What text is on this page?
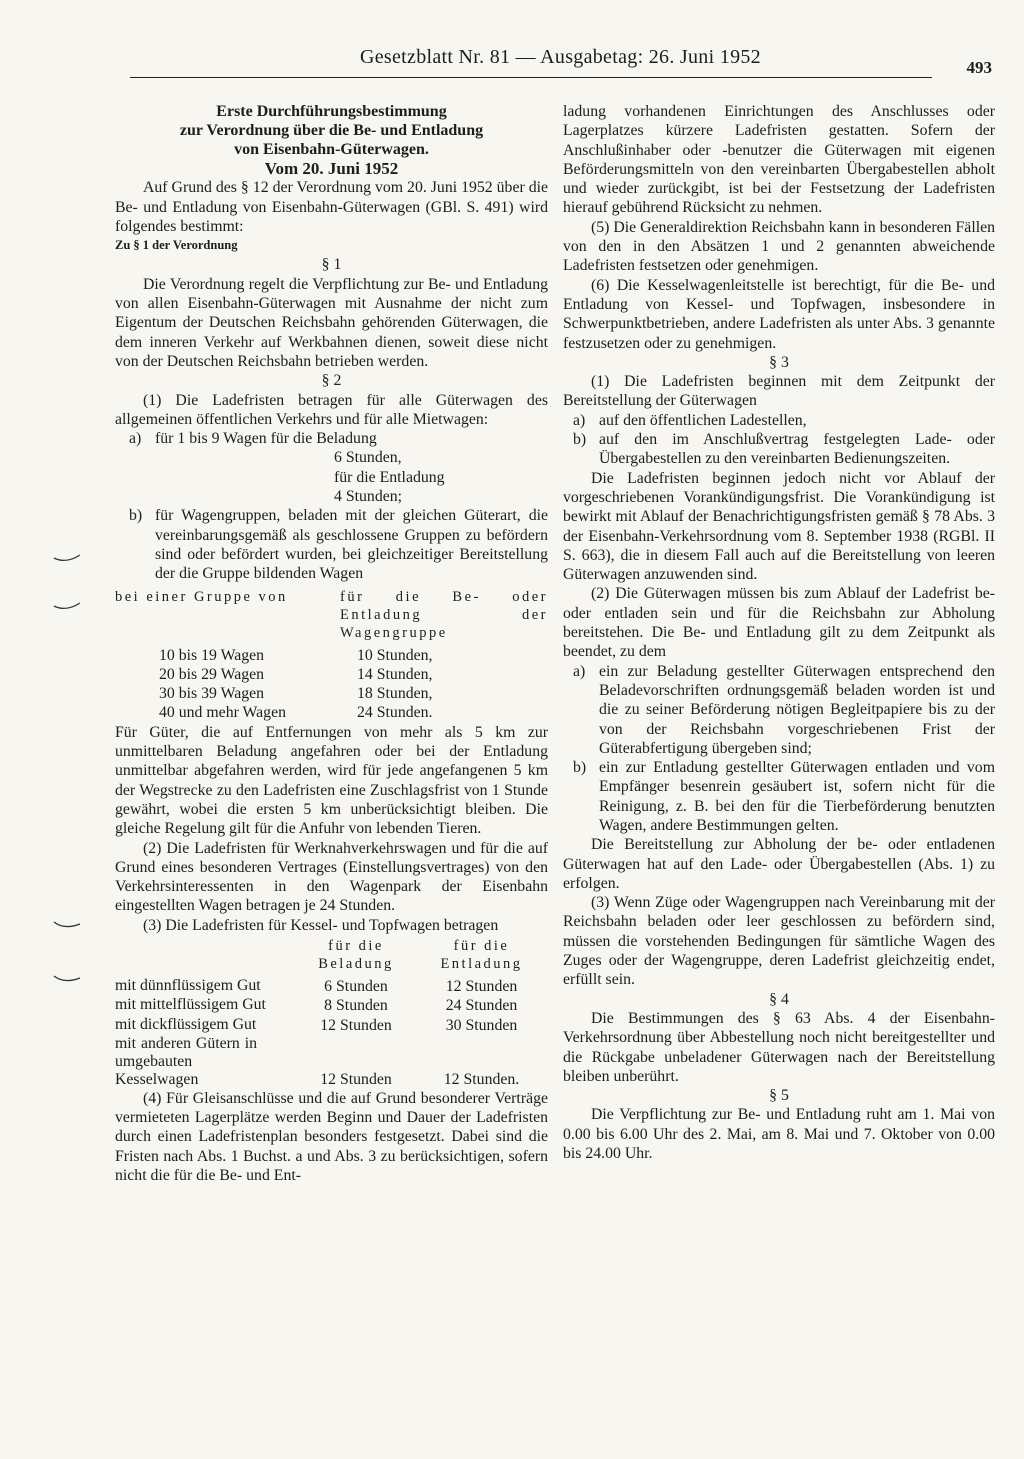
Gesetzblatt Nr. 81 — Ausgabetag: 26. Juni 1952	493

Erste Durchführungsbestimmung

zur Verordnung über die Be- und Entladung

von Eisenbahn-Güterwagen.

Vom 20. Juni 1952

Auf Grund des § 12 der Verordnung vom 20. Juni 1952 über die Be- und Entladung von Eisenbahn-Güterwagen (GBl. S. 491) wird folgendes bestimmt:

Zu § 1 der Verordnung

§ 1

Die Verordnung regelt die Verpflichtung zur Be- und Entladung von allen Eisenbahn-Güterwagen mit Ausnahme der nicht zum Eigentum der Deutschen Reichsbahn gehörenden Güterwagen, die dem inneren Verkehr auf Werkbahnen dienen, soweit diese nicht von der Deutschen Reichsbahn betrieben werden.

§ 2

(1) Die Ladefristen betragen für alle Güterwagen des allgemeinen öffentlichen Verkehrs und für alle Mietwagen:

a) für 1 bis 9 Wagen für die Beladung
6 Stunden,
für die Entladung
4 Stunden;
b) für Wagengruppen, beladen mit der gleichen Güterart, die vereinbarungsgemäß als geschlossene Gruppen zu befördern sind oder befördert wurden, bei gleichzeitiger Bereitstellung der die Gruppe bildenden Wagen
bei einer Gruppe von	für die Be- oder Entladung der Wagengruppe
10 bis 19 Wagen	10 Stunden,
20 bis 29 Wagen	14 Stunden,
30 bis 39 Wagen	18 Stunden,
40 und mehr Wagen	24 Stunden.

Für Güter, die auf Entfernungen von mehr als 5 km zur unmittelbaren Beladung angefahren oder bei der Entladung unmittelbar abgefahren werden, wird für jede angefangenen 5 km der Wegstrecke zu den Ladefristen eine Zuschlagsfrist von 1 Stunde gewährt, wobei die ersten 5 km unberücksichtigt bleiben. Die gleiche Regelung gilt für die Anfuhr von lebenden Tieren.

(2) Die Ladefristen für Werknahverkehrswagen und für die auf Grund eines besonderen Vertrages (Einstellungsvertrages) von den Verkehrsinteressenten in den Wagenpark der Eisenbahn eingestellten Wagen betragen je 24 Stunden.

(3) Die Ladefristen für Kessel- und Topfwagen betragen

für die Beladung
für die Entladung
mit dünnflüssigem Gut	6 Stunden	12 Stunden
mit mittelflüssigem Gut	8 Stunden	24 Stunden
mit dickflüssigem Gut	12 Stunden	30 Stunden
mit anderen Gütern in umgebauten Kesselwagen	12 Stunden	12 Stunden.

(4) Für Gleisanschlüsse und die auf Grund besonderer Verträge vermieteten Lagerplätze werden Beginn und Dauer der Ladefristen durch einen Ladefristenplan besonders festgesetzt. Dabei sind die Fristen nach Abs. 1 Buchst. a und Abs. 3 zu berücksichtigen, sofern nicht die für die Be- und Ent-

ladung vorhandenen Einrichtungen des Anschlusses oder Lagerplatzes kürzere Ladefristen gestatten. Sofern der Anschlußinhaber oder -benutzer die Güterwagen mit eigenen Beförderungsmitteln von den vereinbarten Übergabestellen abholt und wieder zurückgibt, ist bei der Festsetzung der Ladefristen hierauf gebührend Rücksicht zu nehmen.

(5) Die Generaldirektion Reichsbahn kann in besonderen Fällen von den in den Absätzen 1 und 2 genannten abweichende Ladefristen festsetzen oder genehmigen.

(6) Die Kesselwagenleitstelle ist berechtigt, für die Be- und Entladung von Kessel- und Topfwagen, insbesondere in Schwerpunktbetrieben, andere Ladefristen als unter Abs. 3 genannte festzusetzen oder zu genehmigen.

§ 3

(1) Die Ladefristen beginnen mit dem Zeitpunkt der Bereitstellung der Güterwagen

a) auf den öffentlichen Ladestellen,
b) auf den im Anschlußvertrag festgelegten Lade- oder Übergabestellen zu den vereinbarten Bedienungszeiten.

Die Ladefristen beginnen jedoch nicht vor Ablauf der vorgeschriebenen Vorankündigungsfrist. Die Vorankündigung ist bewirkt mit Ablauf der Benachrichtigungsfristen gemäß § 78 Abs. 3 der Eisenbahn-Verkehrsordnung vom 8. September 1938 (RGBl. II S. 663), die in diesem Fall auch auf die Bereitstellung von leeren Güterwagen anzuwenden sind.

(2) Die Güterwagen müssen bis zum Ablauf der Ladefrist be- oder entladen sein und für die Reichsbahn zur Abholung bereitstehen. Die Be- und Entladung gilt zu dem Zeitpunkt als beendet, zu dem

a) ein zur Beladung gestellter Güterwagen entsprechend den Beladevorschriften ordnungsgemäß beladen worden ist und die zu seiner Beförderung nötigen Begleitpapiere bis zu der von der Reichsbahn vorgeschriebenen Frist der Güterabfertigung übergeben sind;
b) ein zur Entladung gestellter Güterwagen entladen und vom Empfänger besenrein gesäubert ist, sofern nicht für die Reinigung, z. B. bei den für die Tierbeförderung benutzten Wagen, andere Bestimmungen gelten.

Die Bereitstellung zur Abholung der be- oder entladenen Güterwagen hat auf den Lade- oder Übergabestellen (Abs. 1) zu erfolgen.

(3) Wenn Züge oder Wagengruppen nach Vereinbarung mit der Reichsbahn beladen oder leer geschlossen zu befördern sind, müssen die vorstehenden Bedingungen für sämtliche Wagen des Zuges oder der Wagengruppe, deren Ladefrist gleichzeitig endet, erfüllt sein.

§ 4

Die Bestimmungen des § 63 Abs. 4 der Eisenbahn-Verkehrsordnung über Abbestellung noch nicht bereitgestellter und die Rückgabe unbeladener Güterwagen nach der Bereitstellung bleiben unberührt.

§ 5

Die Verpflichtung zur Be- und Entladung ruht am 1. Mai von 0.00 bis 6.00 Uhr des 2. Mai, am 8. Mai und 7. Oktober von 0.00 bis 24.00 Uhr.
